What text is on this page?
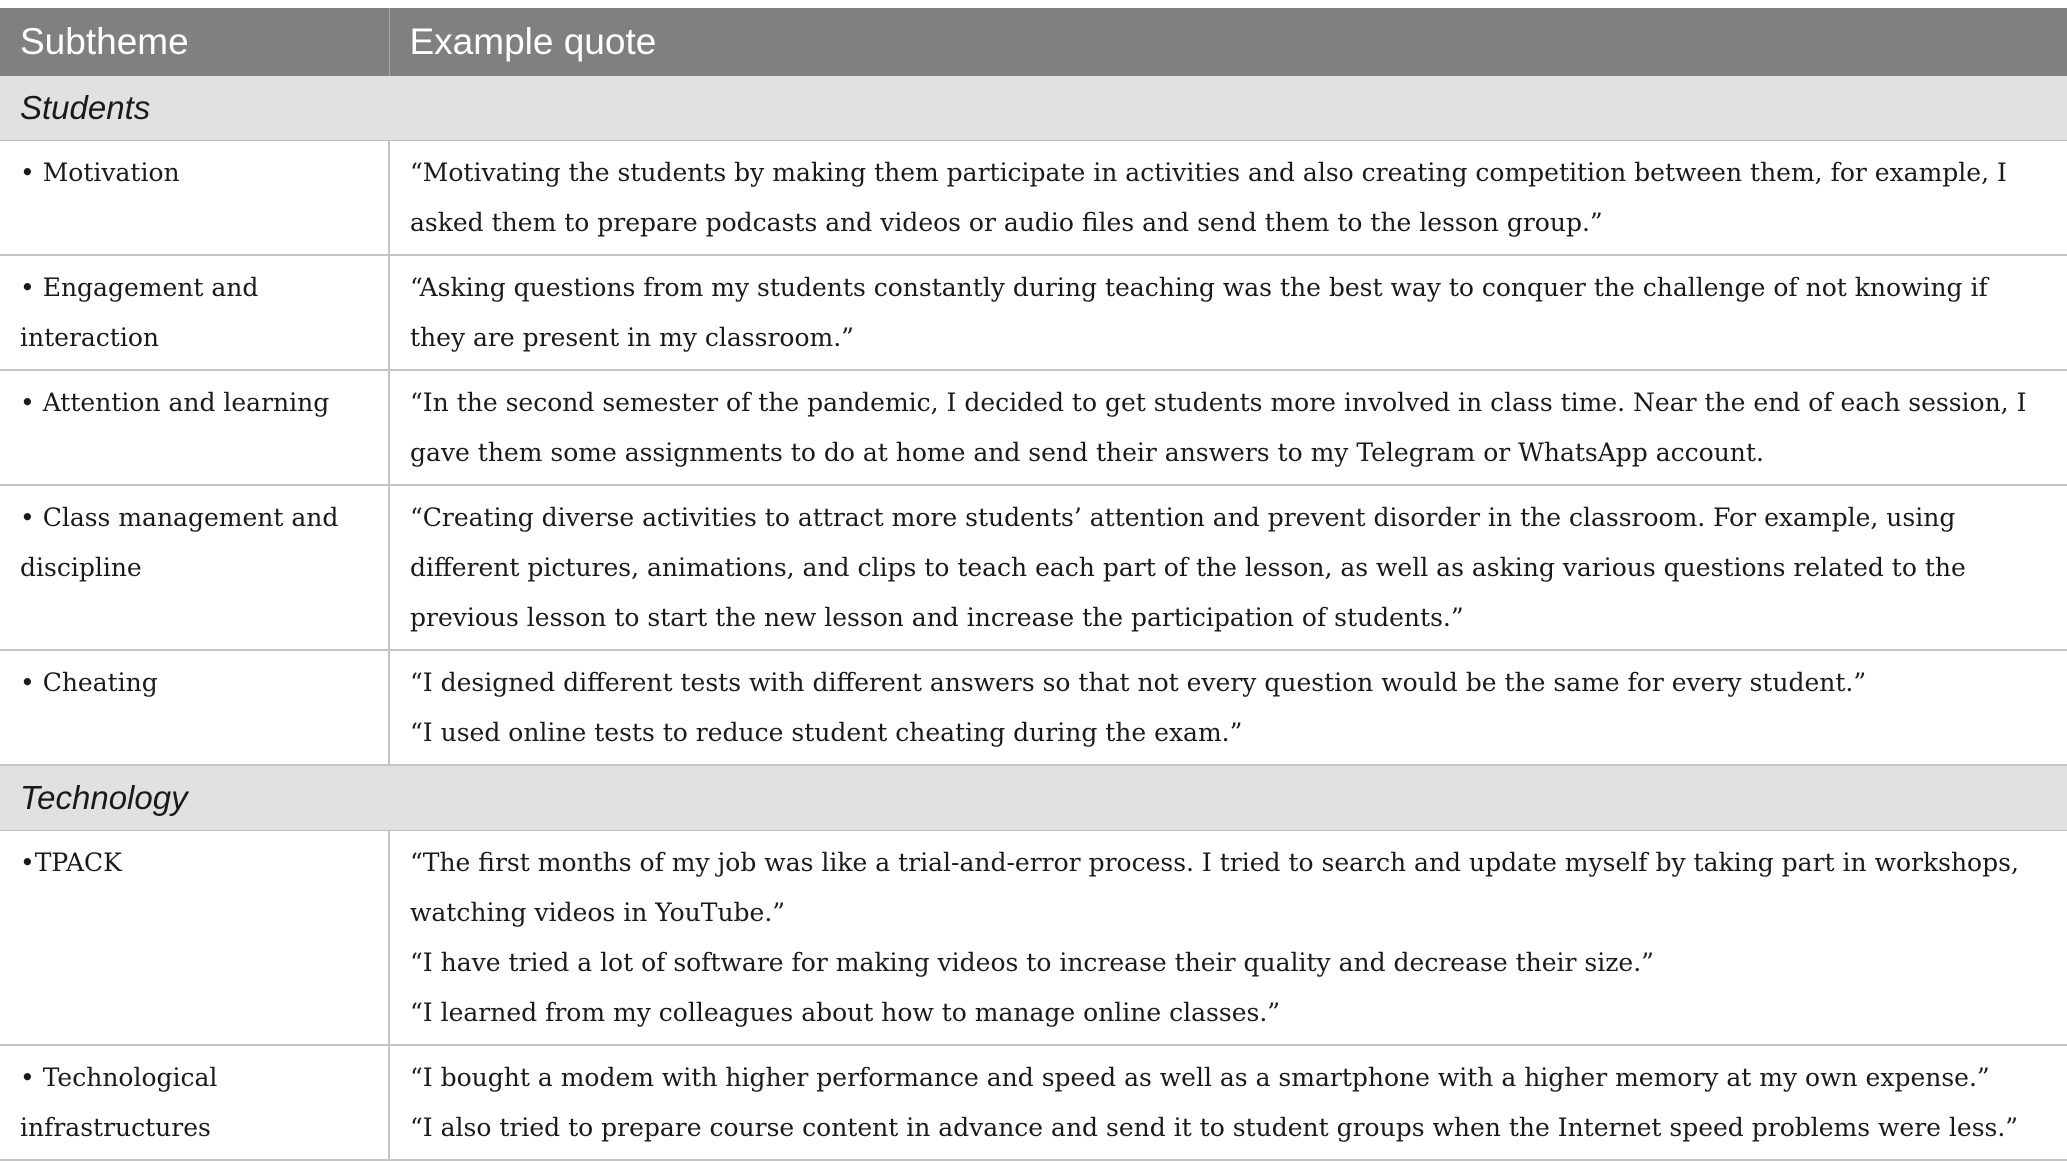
Subtheme	Example quote
Students	
• Motivation	“Motivating the students by making them participate in activities and also creating competition between them, for example, I asked them to prepare podcasts and videos or audio files and send them to the lesson group.”

• Engagement and interaction	“Asking questions from my students constantly during teaching was the best way to conquer the challenge of not knowing if they are present in my classroom.”

• Attention and learning	“In the second semester of the pandemic, I decided to get students more involved in class time. Near the end of each session, I gave them some assignments to do at home and send their answers to my Telegram or WhatsApp account.

• Class management and discipline	“Creating diverse activities to attract more students’ attention and prevent disorder in the classroom. For example, using different pictures, animations, and clips to teach each part of the lesson, as well as asking various questions related to the previous lesson to start the new lesson and increase the participation of students.”

• Cheating	“I designed different tests with different answers so that not every question would be the same for every student.”
“I used online tests to reduce student cheating during the exam.”

Technology	
•TPACK	“The first months of my job was like a trial-and-error process. I tried to search and update myself by taking part in workshops, watching videos in YouTube.”
“I have tried a lot of software for making videos to increase their quality and decrease their size.”
“I learned from my colleagues about how to manage online classes.”

• Technological infrastructures	“I bought a modem with higher performance and speed as well as a smartphone with a higher memory at my own expense.”
“I also tried to prepare course content in advance and send it to student groups when the Internet speed problems were less.”
